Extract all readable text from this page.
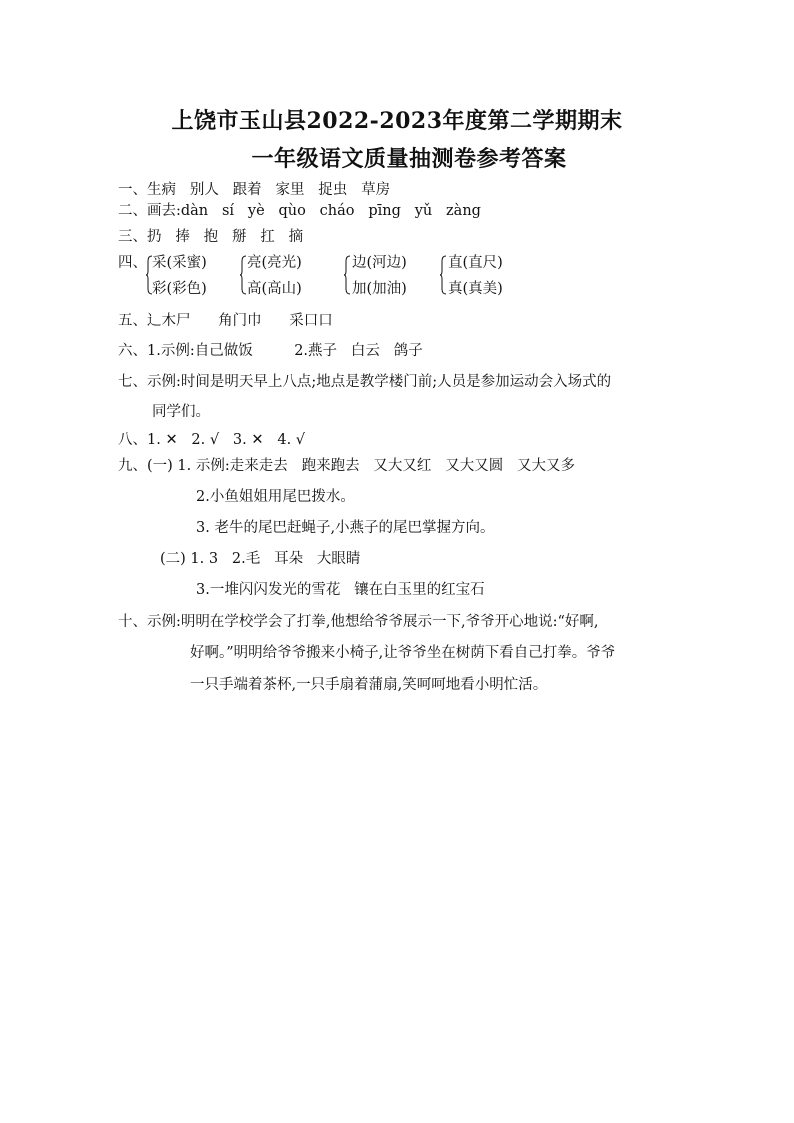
上饶市玉山县2022-2023年度第二学期期末
一年级语文质量抽测卷参考答案
一、生病   别人   跟着   家里   捉虫   草房
二、画去:dàn   sí   yè   qùo   cháo   pīng   yǔ   zàng
三、扔   捧   抱   掰   扛   摘
四、 采(采蜜)
彩(彩色)
亮(亮光)
高(高山)
边(河边)
加(加油)
直(直尺)
真(真美)
五、辶木尸      角门巾      采口口
六、1.示例:自己做饭         2.燕子   白云   鸽子
七、示例:时间是明天早上八点;地点是教学楼门前;人员是参加运动会入场式的
同学们。
八、1. ✕   2. √   3. ✕   4. √
九、(一) 1. 示例:走来走去   跑来跑去   又大又红   又大又圆   又大又多
2.小鱼姐姐用尾巴拨水。
3. 老牛的尾巴赶蝇子,小燕子的尾巴掌握方向。
(二) 1. 3   2.毛   耳朵   大眼睛
3.一堆闪闪发光的雪花   镶在白玉里的红宝石
十、示例:明明在学校学会了打拳,他想给爷爷展示一下,爷爷开心地说:“好啊,
好啊。”明明给爷爷搬来小椅子,让爷爷坐在树荫下看自己打拳。爷爷
一只手端着茶杯,一只手扇着蒲扇,笑呵呵地看小明忙活。
